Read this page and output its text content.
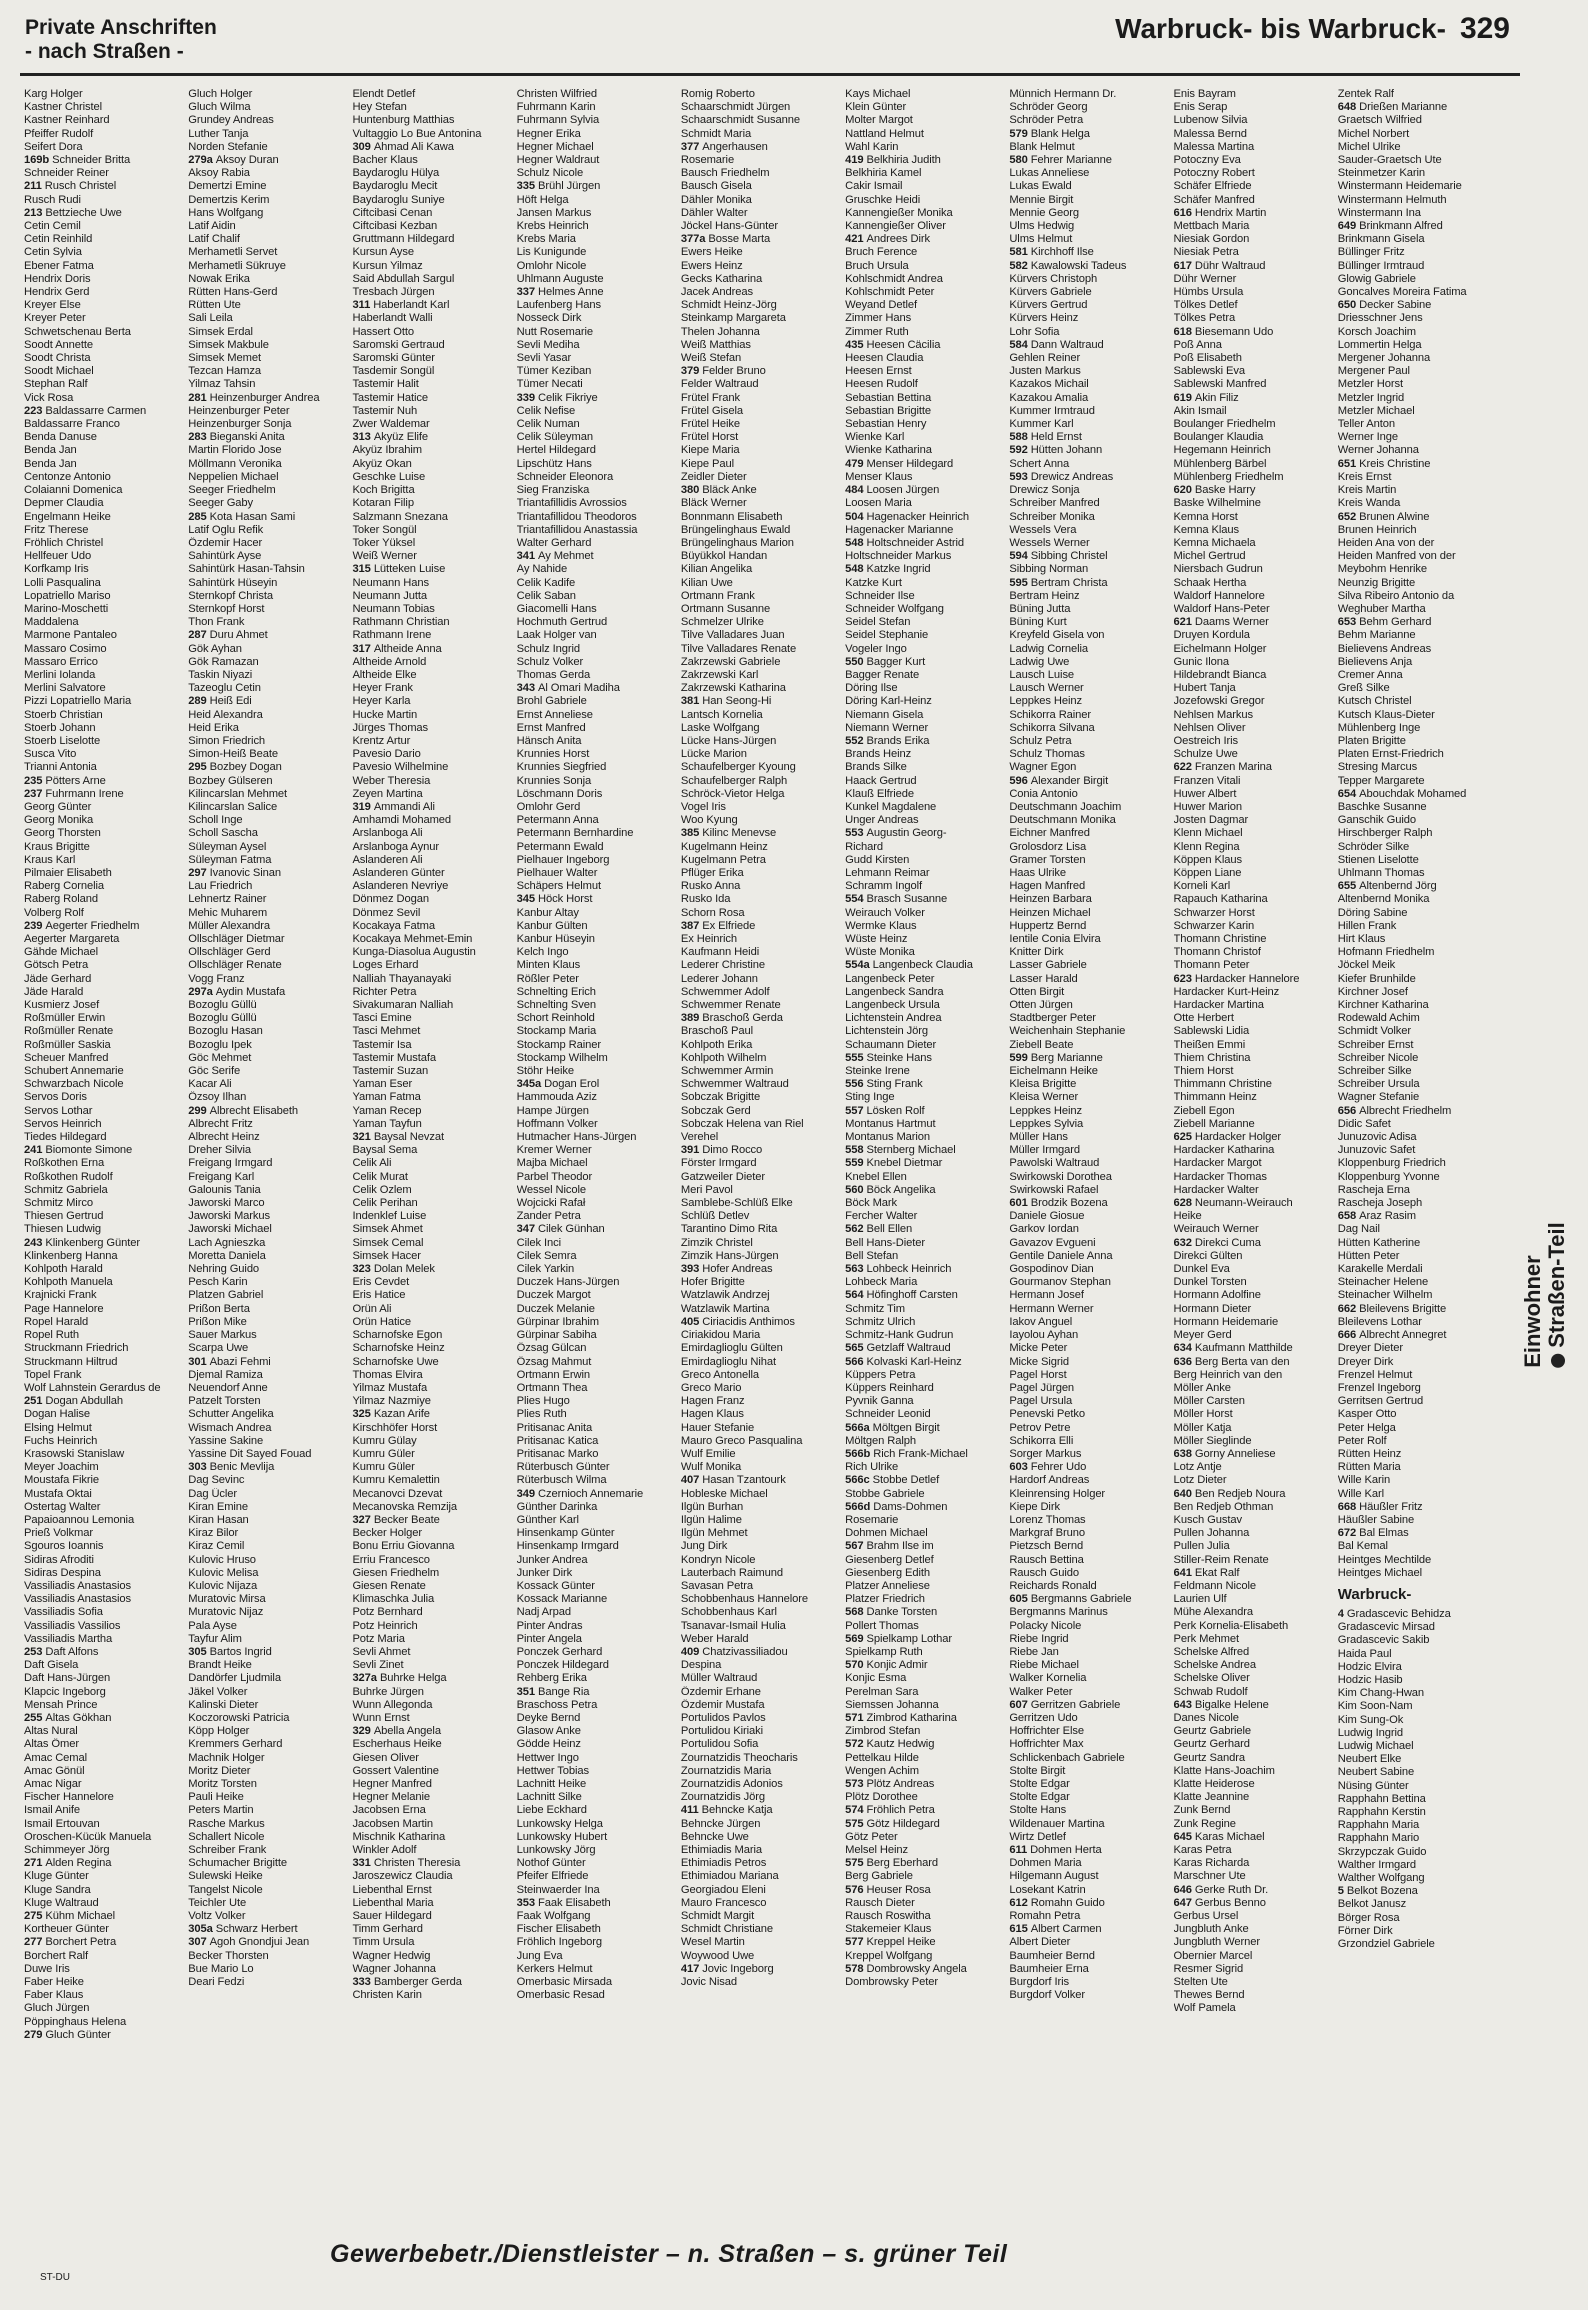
Private Anschriften
- nach Straßen -
Warbruck- bis Warbruck- 329
Karg Holger
Kastner Christel
Kastner Reinhard
Pfeiffer Rudolf
Seifert Dora
169b Schneider Britta
Schneider Reiner
211 Rusch Christel
Rusch Rudi
213 Bettzieche Uwe
Cetin Cemil
Cetin Reinhild
Cetin Sylvia
Ebener Fatma
Hendrix Doris
Hendrix Gerd
Kreyer Else
Kreyer Peter
Schwetschenau Berta
Soodt Annette
Soodt Christa
Soodt Michael
Stephan Ralf
Vick Rosa
223 Baldassarre Carmen
Baldassarre Franco
Benda Danuse
Benda Jan
Benda Jan
Centonze Antonio
Colaianni Domenica
Depmer Claudia
Engelmann Heike
Fritz Therese
Fröhlich Christel
Hellfeuer Udo
Korfkamp Iris
Lolli Pasqualina
Lopatriello Mariso
Marino-Moschetti
Maddalena
Marmone Pantaleo
Massaro Cosimo
Massaro Errico
Merlini Iolanda
Merlini Salvatore
Pizzi Lopatriello Maria
Stoerb Christian
Stoerb Johann
Stoerb Liselotte
Susca Vito
Trianni Antonia
235 Pötters Arne
237 Fuhrmann Irene
Georg Günter
Georg Monika
Georg Thorsten
Kraus Brigitte
Kraus Karl
Pilmaier Elisabeth
Raberg Cornelia
Raberg Roland
Volberg Rolf
239 Aegerter Friedhelm
Aegerter Margareta
Gähde Michael
Götsch Petra
Jäde Gerhard
Jäde Harald
Kusmierz Josef
Roßmüller Erwin
Roßmüller Renate
Roßmüller Saskia
Scheuer Manfred
Schubert Annemarie
Schwarzbach Nicole
Servos Doris
Servos Lothar
Servos Heinrich
Tiedes Hildegard
241 Biomonte Simone
Roßkothen Erna
Roßkothen Rudolf
Schmitz Gabriela
Schmitz Mirco
Thiesen Gertrud
Thiesen Ludwig
243 Klinkenberg Günter
Klinkenberg Hanna
Kohlpoth Harald
Kohlpoth Manuela
Krajnicki Frank
Page Hannelore
Ropel Harald
Ropel Ruth
Struckmann Friedrich
Struckmann Hiltrud
Topel Frank
Wolf Lahnstein Gerardus de
251 Dogan Abdullah
Dogan Halise
Elsing Helmut
Fuchs Heinrich
Krasowski Stanislaw
Meyer Joachim
Moustafa Fikrie
Mustafa Oktai
Ostertag Walter
Papaioannou Lemonia
Prieß Volkmar
Sgouros Ioannis
Sidiras Afroditi
Sidiras Despina
Vassiliadis Anastasios
Vassiliadis Anastasios
Vassiliadis Sofia
Vassiliadis Vassilios
Vassiliadis Martha
253 Daft Alfons
Daft Gisela
Daft Hans-Jürgen
Klapcic Ingeborg
Mensah Prince
255 Altas Gökhan
Altas Nural
Altas Ömer
Amac Cemal
Amac Gönül
Amac Nigar
Fischer Hannelore
Ismail Anife
Ismail Ertouvan
Oroschen-Kücük Manuela
Schimmeyer Jörg
271 Alden Regina
Kluge Günter
Kluge Sandra
Kluge Waltraud
275 Kühm Michael
Kortheuer Günter
277 Borchert Petra
Borchert Ralf
Duwe Iris
Faber Heike
Faber Klaus
Gluch Jürgen
Pöppinghaus Helena
279 Gluch Günter
Gluch Holger
Gluch Wilma
Grundey Andreas
Luther Tanja
Norden Stefanie
279a Aksoy Duran
Aksoy Rabia
Demertzi Emine
Demertzis Kerim
Hans Wolfgang
Latif Aidin
Latif Chalif
Merhametli Servet
Merhametli Sükruye
Nowak Erika
Rütten Hans-Gerd
Rütten Ute
Sali Leila
Simsek Erdal
Simsek Makbule
Simsek Memet
Tezcan Hamza
Yilmaz Tahsin
281 Heinzenburger Andrea
Heinzenburger Peter
Heinzenburger Sonja
283 Bieganski Anita
Martin Florido Jose
Möllmann Veronika
Neppelien Michael
Seeger Friedhelm
Seeger Gaby
285 Kota Hasan Sami
Latif Oglu Refik
Özdemir Hacer
Sahintürk Ayse
Sahintürk Hasan-Tahsin
Sahintürk Hüseyin
Sternkopf Christa
Sternkopf Horst
Thon Frank
287 Duru Ahmet
Gök Ayhan
Gök Ramazan
Taskin Niyazi
Tazeoglu Cetin
289 Heiß Edi
Heid Alexandra
Heid Erika
Simon Friedrich
Simon-Heiß Beate
295 Bozbey Dogan
Bozbey Gülseren
Kilincarslan Mehmet
Kilincarslan Salice
Scholl Inge
Scholl Sascha
Süleyman Aysel
Süleyman Fatma
297 Ivanovic Sinan
Lau Friedrich
Lehnertz Rainer
Mehic Muharem
Müller Alexandra
Ollschläger Dietmar
Ollschläger Gerd
Ollschläger Renate
Vogg Franz
297a Aydin Mustafa
Bozoglu Güllü
Bozoglu Güllü
Bozoglu Hasan
Bozoglu Ipek
Göc Mehmet
Göc Serife
Kacar Ali
Özsoy Ilhan
299 Albrecht Elisabeth
Albrecht Fritz
Albrecht Heinz
Dreher Silvia
Freigang Irmgard
Freigang Karl
Galounis Tania
Jaworski Marco
Jaworski Markus
Jaworski Michael
Lach Agnieszka
Moretta Daniela
Nehring Guido
Pesch Karin
Platzen Gabriel
Prißon Berta
Prißon Mike
Sauer Markus
Scarpa Uwe
301 Abazi Fehmi
Djemal Ramiza
Neuendorf Anne
Patzelt Torsten
Schutter Angelika
Wismach Andrea
Yassine Sakine
Yassine Dit Sayed Fouad
303 Benic Mevlija
Dag Sevinc
Dag Ücler
Kiran Emine
Kiran Hasan
Kiraz Bilor
Kiraz Cemil
Kulovic Hruso
Kulovic Melisa
Kulovic Nijaza
Muratovic Mirsa
Muratovic Nijaz
Pala Ayse
Tayfur Alim
305 Bartos Ingrid
Brandt Heike
Dandörfer Ljudmila
Jäkel Volker
Kalinski Dieter
Koczorowski Patricia
Köpp Holger
Kremmers Gerhard
Machnik Holger
Moritz Dieter
Moritz Torsten
Pauli Heike
Peters Martin
Rasche Markus
Schallert Nicole
Schreiber Frank
Schumacher Brigitte
Sulewski Heike
Tangelst Nicole
Teichler Ute
Voltz Volker
305a Schwarz Herbert
307 Agoh Gnondjui Jean
Becker Thorsten
Bue Mario Lo
Deari Fedzi
Elendt Detlef
Hey Stefan
Huntenburg Matthias
Vultaggio Lo Bue Antonina
309 Ahmad Ali Kawa
Bacher Klaus
Baydaroglu Hülya
Baydaroglu Mecit
Baydaroglu Suniye
Ciftcibasi Cenan
Ciftcibasi Kezban
Gruttmann Hildegard
Kursun Ayse
Kursun Yilmaz
Said Abdullah Sargul
Tresbach Jürgen
311 Haberlandt Karl
Haberlandt Walli
Hassert Otto
Saromski Gertraud
Saromski Günter
Tasdemir Songül
Tastemir Halit
Tastemir Hatice
Tastemir Nuh
Zwer Waldemar
313 Akyüz Elife
Akyüz Ibrahim
Akyüz Okan
Geschke Luise
Koch Brigitta
Kotaran Filip
Salzmann Snezana
Toker Songül
Toker Yüksel
Weiß Werner
315 Lütteken Luise
Neumann Hans
Neumann Jutta
Neumann Tobias
Rathmann Christian
Rathmann Irene
317 Altheide Anna
Altheide Arnold
Altheide Elke
Heyer Frank
Heyer Karla
Hucke Martin
Jürges Thomas
Krentz Artur
Pavesio Dario
Pavesio Wilhelmine
Weber Theresia
Zeyen Martina
319 Ammandi Ali
Amhamdi Mohamed
Arslanboga Ali
Arslanboga Aynur
Aslanderen Ali
Aslanderen Günter
Aslanderen Nevriye
Dönmez Dogan
Dönmez Sevil
Kocakaya Fatma
Kocakaya Mehmet-Emin
Kunga-Diasolua Augustin
Loges Erhard
Nalliah Thayanayaki
Richter Petra
Sivakumaran Nalliah
Tasci Emine
Tasci Mehmet
Tastemir Isa
Tastemir Mustafa
Tastemir Suzan
Yaman Eser
Yaman Fatma
Yaman Recep
Yaman Tayfun
321 Baysal Nevzat
Baysal Sema
Celik Ali
Celik Murat
Celik Ozlem
Celik Perihan
Indenklef Luise
Simsek Ahmet
Simsek Cemal
Simsek Hacer
323 Dolan Melek
Eris Cevdet
Eris Hatice
Orün Ali
Orün Hatice
Scharnofske Egon
Scharnofske Heinz
Scharnofske Uwe
Thomas Elvira
Yilmaz Mustafa
Yilmaz Nazmiye
325 Kazan Arife
Kirschhöfer Horst
Kumru Gülay
Kumru Güler
Kumru Güler
Kumru Kemalettin
Mecanovci Dzevat
Mecanovska Remzija
327 Becker Beate
Becker Holger
Bonu Erriu Giovanna
Erriu Francesco
Giesen Friedhelm
Giesen Renate
Klimaschka Julia
Potz Bernhard
Potz Heinrich
Potz Maria
Sevli Ahmet
Sevli Zinet
327a Buhrke Helga
Buhrke Jürgen
Wunn Allegonda
Wunn Ernst
329 Abella Angela
Escherhaus Heike
Giesen Oliver
Gossert Valentine
Hegner Manfred
Hegner Melanie
Jacobsen Erna
Jacobsen Martin
Mischnik Katharina
Winkler Adolf
331 Christen Theresia
Jaroszewicz Claudia
Liebenthal Ernst
Liebenthal Maria
Sauer Hildegard
Timm Gerhard
Timm Ursula
Wagner Hedwig
Wagner Johanna
333 Bamberger Gerda
Christen Karin
Christen Wilfried
Fuhrmann Karin
Fuhrmann Sylvia
Hegner Erika
Hegner Michael
Hegner Waldraut
Schulz Nicole
335 Brühl Jürgen
Höft Helga
Jansen Markus
Krebs Heinrich
Krebs Maria
Lis Kunigunde
Omlohr Nicole
Uhlmann Auguste
337 Helmes Anne
Laufenberg Hans
Nosseck Dirk
Nutt Rosemarie
Sevli Mediha
Sevli Yasar
Tümer Keziban
Tümer Necati
339 Celik Fikriye
Celik Nefise
Celik Numan
Celik Süleyman
Hertel Hildegard
Lipschütz Hans
Schneider Eleonora
Sieg Franziska
Triantafillidis Avrossios
Triantafillidou Theodoros
Triantafillidou Anastassia
Walter Gerhard
341 Ay Mehmet
Ay Nahide
Celik Kadife
Celik Saban
Giacomelli Hans
Hochmuth Gertrud
Laak Holger van
Schulz Ingrid
Schulz Volker
Thomas Gerda
343 Al Omari Madiha
Brohl Gabriele
Ernst Anneliese
Ernst Manfred
Hänsch Anita
Krunnies Horst
Krunnies Siegfried
Krunnies Sonja
Löschmann Doris
Omlohr Gerd
Petermann Anna
Petermann Bernhardine
Petermann Ewald
Pielhauer Ingeborg
Pielhauer Walter
Schäpers Helmut
345 Höck Horst
Kanbur Altay
Kanbur Gülten
Kanbur Hüseyin
Kelch Ingo
Minten Klaus
Rößler Peter
Schnelting Erich
Schnelting Sven
Schort Reinhold
Stockamp Maria
Stockamp Rainer
Stockamp Wilhelm
Stöhr Heike
345a Dogan Erol
Hammouda Aziz
Hampe Jürgen
Hoffmann Volker
Hutmacher Hans-Jürgen
Kremer Werner
Majba Michael
Parbel Theodor
Wessel Nicole
Wojcicki Rafał
Zander Petra
347 Cilek Günhan
Cilek Inci
Cilek Semra
Cilek Yarkin
Duczek Hans-Jürgen
Duczek Margot
Duczek Melanie
Gürpinar Ibrahim
Gürpinar Sabiha
Özsag Gülcan
Özsag Mahmut
Ortmann Erwin
Ortmann Thea
Plies Hugo
Plies Ruth
Pritisanac Anita
Pritisanac Katica
Pritisanac Marko
Rüterbusch Günter
Rüterbusch Wilma
349 Czernioch Annemarie
Günther Darinka
Günther Karl
Hinsenkamp Günter
Hinsenkamp Irmgard
Junker Andrea
Junker Dirk
Kossack Günter
Kossack Marianne
Nadj Arpad
Pinter Andras
Pinter Angela
Ponczek Gerhard
Ponczek Hildegard
Rehberg Erika
351 Bange Ria
Braschoss Petra
Deyke Bernd
Glasow Anke
Gödde Heinz
Hettwer Ingo
Hettwer Tobias
Lachnitt Heike
Lachnitt Silke
Liebe Eckhard
Lunkowsky Helga
Lunkowsky Hubert
Lunkowsky Jörg
Nothof Günter
Pfeifer Elfriede
Steinwaerder Ina
353 Faak Elisabeth
Faak Wolfgang
Fischer Elisabeth
Fröhlich Ingeborg
Jung Eva
Kerkers Helmut
Omerbasic Mirsada
Omerbasic Resad
Romig Roberto
Schaarschmidt Jürgen
Schaarschmidt Susanne
Schmidt Maria
377 Angerhausen
Rosemarie
Bausch Friedhelm
Bausch Gisela
Dähler Monika
Dähler Walter
Jöckel Hans-Günter
377a Bosse Marta
Ewers Heike
Ewers Heinz
Gecks Katharina
Jacek Andreas
Schmidt Heinz-Jörg
Steinkamp Margareta
Thelen Johanna
Weiß Matthias
Weiß Stefan
379 Felder Bruno
Felder Waltraud
Frütel Frank
Frütel Gisela
Frütel Heike
Frütel Horst
Kiepe Maria
Kiepe Paul
Zeidler Dieter
380 Bläck Anke
Bläck Werner
Bonnmann Elisabeth
Brüngelinghaus Ewald
Brüngelinghaus Marion
Büyükkol Handan
Kilian Angelika
Kilian Uwe
Ortmann Frank
Ortmann Susanne
Schmelzer Ulrike
Tilve Valladares Juan
Tilve Valladares Renate
Zakrzewski Gabriele
Zakrzewski Karl
Zakrzewski Katharina
381 Han Seong-Hi
Lantsch Kornelia
Laske Wolfgang
Lücke Hans-Jürgen
Lücke Marion
Schaufelberger Kyoung
Schaufelberger Ralph
Schröck-Vietor Helga
Vogel Iris
Woo Kyung
385 Kilinc Menevse
Kugelmann Heinz
Kugelmann Petra
Pflüger Erika
Rusko Anna
Rusko Ida
Schorn Rosa
387 Ex Elfriede
Ex Heinrich
Kaufmann Heidi
Lederer Christine
Lederer Johann
Schwemmer Adolf
Schwemmer Renate
389 Braschoß Gerda
Braschoß Paul
Kohlpoth Erika
Kohlpoth Wilhelm
Schwemmer Armin
Schwemmer Waltraud
Sobczak Brigitte
Sobczak Gerd
Sobczak Helena van Riel
Verehel
391 Dimo Rocco
Förster Irmgard
Gatzweiler Dieter
Meri Pavol
Samblebe-Schlüß Elke
Schlüß Detlev
Tarantino Dimo Rita
Zimzik Christel
Zimzik Hans-Jürgen
393 Hofer Andreas
Hofer Brigitte
Watzlawik Andrzej
Watzlawik Martina
405 Ciriacidis Anthimos
Ciriakidou Maria
Emirdaglioglu Gülten
Emirdaglioglu Nihat
Greco Antonella
Greco Mario
Hagen Franz
Hagen Klaus
Hauer Stefanie
Mauro Greco Pasqualina
Wulf Emilie
Wulf Monika
407 Hasan Tzantourk
Hobleske Michael
Ilgün Burhan
Ilgün Halime
Ilgün Mehmet
Jung Dirk
Kondryn Nicole
Lauterbach Raimund
Savasan Petra
Schobbenhaus Hannelore
Schobbenhaus Karl
Tsanavar-Ismail Hulia
Weber Harald
409 Chatzivassiliadou
Despina
Müller Waltraud
Özdemir Erhane
Özdemir Mustafa
Portulidos Pavlos
Portulidou Kiriaki
Portulidou Sofia
Zournatzidis Theocharis
Zournatzidis Maria
Zournatzidis Adonios
Zournatzidis Jörg
411 Behncke Katja
Behncke Jürgen
Behncke Uwe
Ethimiadis Maria
Ethimiadis Petros
Ethimiadou Mariana
Georgiadou Eleni
Mauro Francesco
Schmidt Margit
Schmidt Christiane
Wesel Martin
Woywood Uwe
417 Jovic Ingeborg
Jovic Nisad
Kays Michael
Klein Günter
Molter Margot
Nattland Helmut
Wahl Karin
419 Belkhiria Judith
Belkhiria Kamel
Cakir Ismail
Gruschke Heidi
Kannengießer Monika
Kannengießer Oliver
421 Andrees Dirk
Bruch Ference
Bruch Ursula
Kohlschmidt Andrea
Kohlschmidt Peter
Weyand Detlef
Zimmer Hans
Zimmer Ruth
435 Heesen Cäcilia
Heesen Claudia
Heesen Ernst
Heesen Rudolf
Sebastian Bettina
Sebastian Brigitte
Sebastian Henry
Wienke Karl
Wienke Katharina
479 Menser Hildegard
Menser Klaus
484 Loosen Jürgen
Loosen Maria
504 Hagenacker Heinrich
Hagenacker Marianne
548 Holtschneider Astrid
Holtschneider Markus
548 Katzke Ingrid
Katzke Kurt
Schneider Ilse
Schneider Wolfgang
Seidel Stefan
Seidel Stephanie
Vogeler Ingo
550 Bagger Kurt
Bagger Renate
Döring Ilse
Döring Karl-Heinz
Niemann Gisela
Niemann Werner
552 Brands Erika
Brands Heinz
Brands Silke
Haack Gertrud
Klauß Elfriede
Kunkel Magdalene
Unger Andreas
553 Augustin Georg-
Richard
Gudd Kirsten
Lehmann Reimar
Schramm Ingolf
554 Brasch Susanne
Weirauch Volker
Wermke Klaus
Wüste Heinz
Wüste Monika
554a Langenbeck Claudia
Langenbeck Peter
Langenbeck Sandra
Langenbeck Ursula
Lichtenstein Andrea
Lichtenstein Jörg
Schaumann Dieter
555 Steinke Hans
Steinke Irene
556 Sting Frank
Sting Inge
557 Lösken Rolf
Montanus Hartmut
Montanus Marion
558 Sternberg Michael
559 Knebel Dietmar
Knebel Ellen
560 Böck Angelika
Böck Mark
Fercher Walter
562 Bell Ellen
Bell Hans-Dieter
Bell Stefan
563 Lohbeck Heinrich
Lohbeck Maria
564 Höfinghoff Carsten
Schmitz Tim
Schmitz Ulrich
Schmitz-Hank Gudrun
565 Getzlaff Waltraud
566 Kolvaski Karl-Heinz
Küppers Petra
Küppers Reinhard
Pyvnik Ganna
Schneider Leonid
566a Möltgen Birgit
Möltgen Ralph
566b Rich Frank-Michael
Rich Ulrike
566c Stobbe Detlef
Stobbe Gabriele
566d Dams-Dohmen
Rosemarie
Dohmen Michael
567 Brahm Ilse im
Giesenberg Detlef
Giesenberg Edith
Platzer Anneliese
Platzer Friedrich
568 Danke Torsten
Pollert Thomas
569 Spielkamp Lothar
Spielkamp Ruth
570 Konjic Admir
Konjic Esma
Perelman Sara
Siemssen Johanna
571 Zimbrod Katharina
Zimbrod Stefan
572 Kautz Hedwig
Pettelkau Hilde
Wengen Achim
573 Plötz Andreas
Plötz Dorothee
574 Fröhlich Petra
575 Götz Hildegard
Götz Peter
Melsel Heinz
575 Berg Eberhard
Berg Gabriele
576 Heuser Rosa
Rausch Dieter
Rausch Roswitha
Stakemeier Klaus
577 Kreppel Heike
Kreppel Wolfgang
578 Dombrowsky Angela
Dombrowsky Peter
Münnich Hermann Dr.
Schröder Georg
Schröder Petra
579 Blank Helga
Blank Helmut
580 Fehrer Marianne
Lukas Anneliese
Lukas Ewald
Mennie Birgit
Mennie Georg
Ulms Hedwig
Ulms Helmut
581 Kirchhoff Ilse
582 Kawalowski Tadeus
Kürvers Christoph
Kürvers Gabriele
Kürvers Gertrud
Kürvers Heinz
Lohr Sofia
584 Dann Waltraud
Gehlen Reiner
Justen Markus
Kazakos Michail
Kazakou Amalia
Kummer Irmtraud
Kummer Karl
588 Held Ernst
592 Hütten Johann
Schert Anna
593 Drewicz Andreas
Drewicz Sonja
Schreiber Manfred
Schreiber Monika
Wessels Vera
Wessels Werner
594 Sibbing Christel
Sibbing Norman
595 Bertram Christa
Bertram Heinz
Büning Jutta
Büning Kurt
Kreyfeld Gisela von
Ladwig Cornelia
Ladwig Uwe
Lausch Luise
Lausch Werner
Leppkes Heinz
Schikorra Rainer
Schikorra Silvana
Schulz Petra
Schulz Thomas
Wagner Egon
596 Alexander Birgit
Conia Antonio
Deutschmann Joachim
Deutschmann Monika
Eichner Manfred
Grolosdorz Lisa
Gramer Torsten
Haas Ulrike
Hagen Manfred
Heinzen Barbara
Heinzen Michael
Huppertz Bernd
Ientile Conia Elvira
Knitter Dirk
Lasser Gabriele
Lasser Harald
Otten Birgit
Otten Jürgen
Stadtberger Peter
Weichenhain Stephanie
Ziebell Beate
599 Berg Marianne
Eichelmann Heike
Kleisa Brigitte
Kleisa Werner
Leppkes Heinz
Leppkes Sylvia
Müller Hans
Müller Irmgard
Pawolski Waltraud
Swirkowski Dorothea
Swirkowski Rafael
601 Brodzik Bozena
Daniele Giosue
Garkov Iordan
Gavazov Evgueni
Gentile Daniele Anna
Gospodinov Dian
Gourmanov Stephan
Hermann Josef
Hermann Werner
Iakov Anguel
Iayolou Ayhan
Micke Peter
Micke Sigrid
Pagel Horst
Pagel Jürgen
Pagel Ursula
Penevski Petko
Petrov Petre
Schikorra Elli
Sorger Markus
603 Fehrer Udo
Hardorf Andreas
Kleinrensing Holger
Kiepe Dirk
Lorenz Thomas
Markgraf Bruno
Pietzsch Bernd
Rausch Bettina
Rausch Guido
Reichards Ronald
605 Bergmanns Gabriele
Bergmanns Marinus
Polacky Nicole
Riebe Ingrid
Riebe Jan
Riebe Michael
Walker Kornelia
Walker Peter
607 Gerritzen Gabriele
Gerritzen Udo
Hoffrichter Else
Hoffrichter Max
Schlickenbach Gabriele
Stolte Birgit
Stolte Edgar
Stolte Edgar
Stolte Hans
Wildenauer Martina
Wirtz Detlef
611 Dohmen Herta
Dohmen Maria
Hilgemann August
Losekant Katrin
612 Romahn Guido
Romahn Petra
615 Albert Carmen
Albert Dieter
Baumheier Bernd
Baumheier Erna
Burgdorf Iris
Burgdorf Volker
Enis Bayram
Enis Serap
Lubenow Silvia
Malessa Bernd
Malessa Martina
Potoczny Eva
Potoczny Robert
Schäfer Elfriede
Schäfer Manfred
616 Hendrix Martin
Mettbach Maria
Niesiak Gordon
Niesiak Petra
617 Dühr Waltraud
Dühr Werner
Hümbs Ursula
Tölkes Detlef
Tölkes Petra
618 Biesemann Udo
Poß Anna
Poß Elisabeth
Sablewski Eva
Sablewski Manfred
619 Akin Filiz
Akin Ismail
Boulanger Friedhelm
Boulanger Klaudia
Hegemann Heinrich
Mühlenberg Bärbel
Mühlenberg Friedhelm
620 Baske Harry
Baske Wilhelmine
Kemna Horst
Kemna Klaus
Kemna Michaela
Michel Gertrud
Niersbach Gudrun
Schaak Hertha
Waldorf Hannelore
Waldorf Hans-Peter
621 Daams Werner
Druyen Kordula
Eichelmann Holger
Gunic Ilona
Hildebrandt Bianca
Hubert Tanja
Jozefowski Gregor
Nehlsen Markus
Nehlsen Oliver
Oestreich Iris
Schulze Uwe
622 Franzen Marina
Franzen Vitali
Huwer Albert
Huwer Marion
Josten Dagmar
Klenn Michael
Klenn Regina
Köppen Klaus
Köppen Liane
Korneli Karl
Rapauch Katharina
Schwarzer Horst
Schwarzer Karin
Thomann Christine
Thomann Christof
Thomann Peter
623 Hardacker Hannelore
Hardacker Kurt-Heinz
Hardacker Martina
Otte Herbert
Sablewski Lidia
Theißen Emmi
Thiem Christina
Thiem Horst
Thimmann Christine
Thimmann Heinz
Ziebell Egon
Ziebell Marianne
625 Hardacker Holger
Hardacker Katharina
Hardacker Margot
Hardacker Thomas
Hardacker Walter
628 Neumann-Weirauch
Heike
Weirauch Werner
632 Direkci Cuma
Direkci Gülten
Dunkel Eva
Dunkel Torsten
Hormann Adolfine
Hormann Dieter
Hormann Heidemarie
Meyer Gerd
634 Kaufmann Matthilde
636 Berg Berta van den
Berg Heinrich van den
Möller Anke
Möller Carsten
Möller Horst
Möller Katja
Möller Sieglinde
638 Gorny Anneliese
Lotz Antje
Lotz Dieter
640 Ben Redjeb Noura
Ben Redjeb Othman
Kusch Gustav
Pullen Johanna
Pullen Julia
Stiller-Reim Renate
641 Ekat Ralf
Feldmann Nicole
Laurien Ulf
Mühe Alexandra
Perk Kornelia-Elisabeth
Perk Mehmet
Schelske Alfred
Schelske Andrea
Schelske Oliver
Schwab Rudolf
643 Bigalke Helene
Danes Nicole
Geurtz Gabriele
Geurtz Gerhard
Geurtz Sandra
Klatte Hans-Joachim
Klatte Heiderose
Klatte Jeannine
Zunk Bernd
Zunk Regine
645 Karas Michael
Karas Petra
Karas Richarda
Marschner Ute
646 Gerke Ruth Dr.
647 Gerbus Benno
Gerbus Ursel
Jungbluth Anke
Jungbluth Werner
Obernier Marcel
Resmer Sigrid
Stelten Ute
Thewes Bernd
Wolf Pamela
Zentek Ralf
648 Drießen Marianne
Graetsch Wilfried
Michel Norbert
Michel Ulrike
Sauder-Graetsch Ute
Steinmetzer Karin
Winstermann Heidemarie
Winstermann Helmuth
Winstermann Ina
649 Brinkmann Alfred
Brinkmann Gisela
Büllinger Fritz
Büllinger Irmtraud
Glowig Gabriele
Goncalves Moreira Fatima
650 Decker Sabine
Driesschner Jens
Korsch Joachim
Lommertin Helga
Mergener Johanna
Mergener Paul
Metzler Horst
Metzler Ingrid
Metzler Michael
Teller Anton
Werner Inge
Werner Johanna
651 Kreis Christine
Kreis Ernst
Kreis Martin
Kreis Wanda
652 Brunen Alwine
Brunen Heinrich
Heiden Ana von der
Heiden Manfred von der
Meybohm Henrike
Neunzig Brigitte
Silva Ribeiro Antonio da
Weghuber Martha
653 Behm Gerhard
Behm Marianne
Bielievens Andreas
Bielievens Anja
Cremer Anna
Greß Silke
Kutsch Christel
Kutsch Klaus-Dieter
Mühlenberg Inge
Platen Brigitte
Platen Ernst-Friedrich
Stresing Marcus
Tepper Margarete
654 Abouchdak Mohamed
Baschke Susanne
Ganschik Guido
Hirschberger Ralph
Schröder Silke
Stienen Liselotte
Uhlmann Thomas
655 Altenbernd Jörg
Altenbernd Monika
Döring Sabine
Hillen Frank
Hirt Klaus
Hofmann Friedhelm
Jöckel Meik
Kiefer Brunhilde
Kirchner Josef
Kirchner Katharina
Rodewald Achim
Schmidt Volker
Schreiber Ernst
Schreiber Nicole
Schreiber Silke
Schreiber Ursula
Wagner Stefanie
656 Albrecht Friedhelm
Didic Safet
Junuzovic Adisa
Junuzovic Safet
Kloppenburg Friedrich
Kloppenburg Yvonne
Rascheja Erna
Rascheja Joseph
658 Araz Rasim
Dag Nail
Hütten Katherine
Hütten Peter
Karakelle Merdali
Steinacher Helene
Steinacher Wilhelm
662 Bleilevens Brigitte
Bleilevens Lothar
666 Albrecht Annegret
Dreyer Dieter
Dreyer Dirk
Frenzel Helmut
Frenzel Ingeborg
Gerritsen Gertrud
Kasper Otto
Peter Helga
Peter Rolf
Rütten Heinz
Rütten Maria
Wille Karin
Wille Karl
668 Häußler Fritz
Häußler Sabine
672 Bal Elmas
Bal Kemal
Heintges Mechtilde
Heintges Michael
Warbruck-
4 Gradascevic Behidza
Gradascevic Mirsad
Gradascevic Sakib
Haida Paul
Hodzic Elvira
Hodzic Hasib
Kim Chang-Hwan
Kim Soon-Nam
Kim Sung-Ok
Ludwig Ingrid
Ludwig Michael
Neubert Elke
Neubert Sabine
Nüsing Günter
Rapphahn Bettina
Rapphahn Kerstin
Rapphahn Maria
Rapphahn Mario
Skrzypczak Guido
Walther Irmgard
Walther Wolfgang
5 Belkot Bozena
Belkot Janusz
Börger Rosa
Förner Dirk
Grzondziel Gabriele
Einwohner Straßen-Teil
Gewerbebetr./Dienstleister – n. Straßen – s. grüner Teil
ST-DU
